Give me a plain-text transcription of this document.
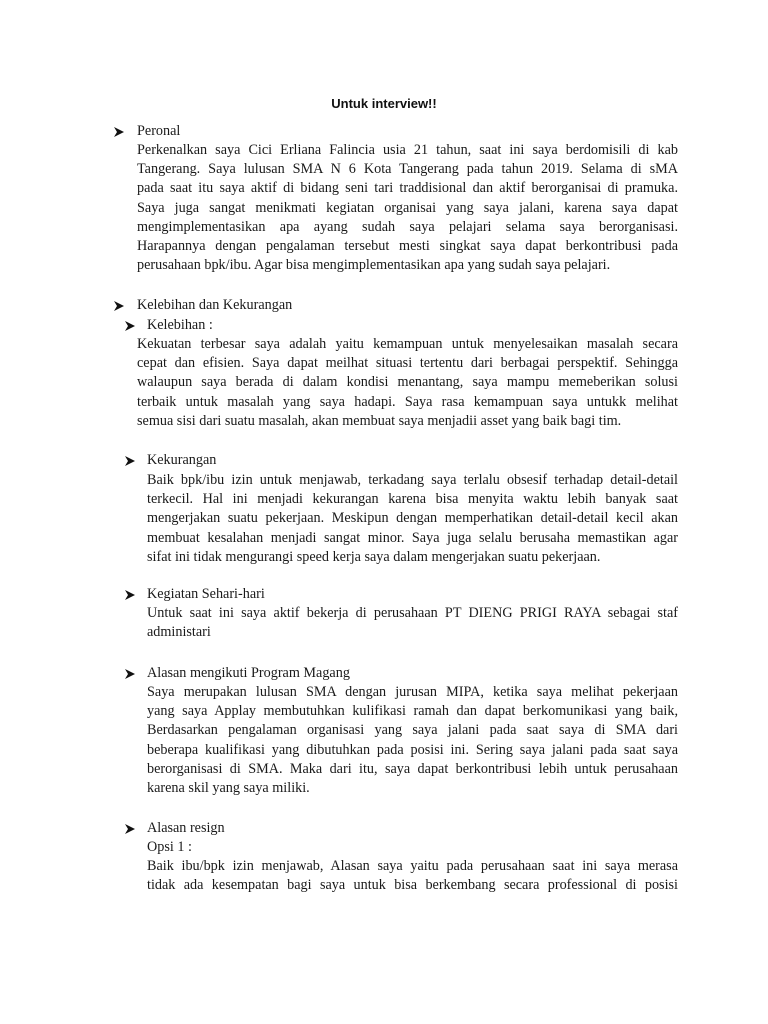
Untuk interview!!
Peronal
Perkenalkan saya Cici Erliana Falincia usia 21 tahun, saat ini saya berdomisili di kab
Tangerang. Saya lulusan SMA N 6 Kota Tangerang pada tahun 2019. Selama di sMA
pada saat itu saya aktif di bidang seni tari traddisional dan aktif berorganisai di pramuka.
Saya juga sangat menikmati kegiatan organisai yang saya jalani, karena saya dapat
mengimplementasikan apa ayang sudah saya pelajari selama saya berorganisasi.
Harapannya dengan pengalaman tersebut mesti singkat saya dapat berkontribusi pada
perusahaan bpk/ibu. Agar bisa mengimplementasikan apa yang sudah saya pelajari.
Kelebihan dan Kekurangan
Kelebihan :
Kekuatan terbesar saya adalah yaitu kemampuan untuk menyelesaikan masalah secara
cepat dan efisien. Saya dapat meilhat situasi tertentu dari berbagai perspektif. Sehingga
walaupun saya berada di dalam kondisi menantang, saya mampu memeberikan solusi
terbaik untuk masalah yang saya hadapi. Saya rasa kemampuan saya untukk melihat
semua sisi dari suatu masalah, akan membuat saya menjadii asset yang baik bagi tim.
Kekurangan
Baik bpk/ibu izin untuk menjawab, terkadang saya terlalu obsesif terhadap detail-detail
terkecil. Hal ini menjadi kekurangan karena bisa menyita waktu lebih banyak saat
mengerjakan suatu pekerjaan. Meskipun dengan memperhatikan detail-detail kecil akan
membuat kesalahan menjadi sangat minor. Saya juga selalu berusaha memastikan agar
sifat ini tidak mengurangi speed kerja saya dalam mengerjakan suatu pekerjaan.
Kegiatan Sehari-hari
Untuk saat ini saya aktif bekerja di perusahaan PT DIENG PRIGI RAYA sebagai staf
administari
Alasan mengikuti Program Magang
Saya merupakan lulusan SMA dengan jurusan MIPA, ketika saya melihat pekerjaan
yang saya Applay membutuhkan kulifikasi ramah dan dapat berkomunikasi yang baik,
Berdasarkan pengalaman organisasi yang saya jalani pada saat saya di SMA dari
beberapa kualifikasi yang dibutuhkan pada posisi ini. Sering saya jalani pada saat saya
berorganisasi di SMA. Maka dari itu, saya dapat berkontribusi lebih untuk perusahaan
karena skil yang saya miliki.
Alasan resign
Opsi 1 :
Baik ibu/bpk izin menjawab, Alasan saya yaitu pada perusahaan saat ini saya merasa
tidak ada kesempatan bagi saya untuk bisa berkembang secara professional di posisi
